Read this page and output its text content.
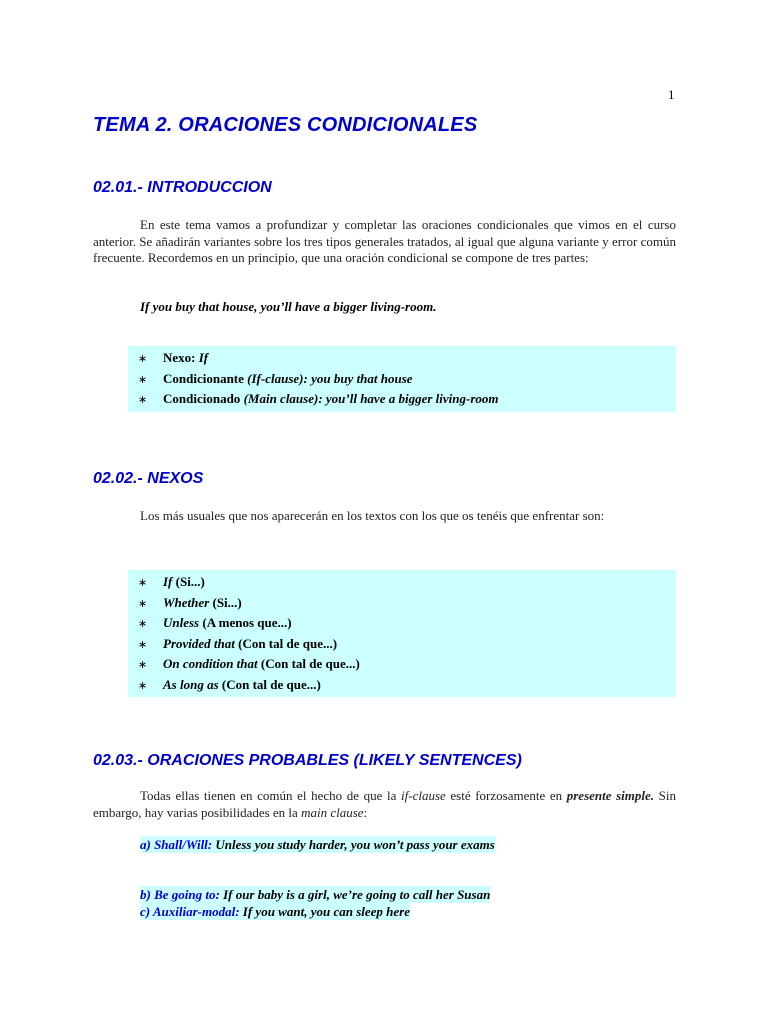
1
TEMA 2. ORACIONES CONDICIONALES
02.01.- INTRODUCCION

En este tema vamos a profundizar y completar las oraciones condicionales que vimos en el curso anterior. Se añadirán variantes sobre los tres tipos generales tratados, al igual que alguna variante y error común frecuente. Recordemos en un principio, que una oración condicional se compone de tres partes:

If you buy that house, you’ll have a bigger living-room.

∗ Nexo: If
∗ Condicionante (If-clause): you buy that house
∗ Condicionado (Main clause): you’ll have a bigger living-room
02.02.- NEXOS

Los más usuales que nos aparecerán en los textos con los que os tenéis que enfrentar son:

∗ If (Si...)
∗ Whether (Si...)
∗ Unless (A menos que...)
∗ Provided that (Con tal de que...)
∗ On condition that (Con tal de que...)
∗ As long as (Con tal de que...)
02.03.- ORACIONES PROBABLES (LIKELY SENTENCES)

Todas ellas tienen en común el hecho de que la if-clause esté forzosamente en presente simple. Sin embargo, hay varias posibilidades en la main clause:

a) Shall/Will: Unless you study harder, you won’t pass your exams
b) Be going to: If our baby is a girl, we’re going to call her Susan
c) Auxiliar-modal: If you want, you can sleep here
